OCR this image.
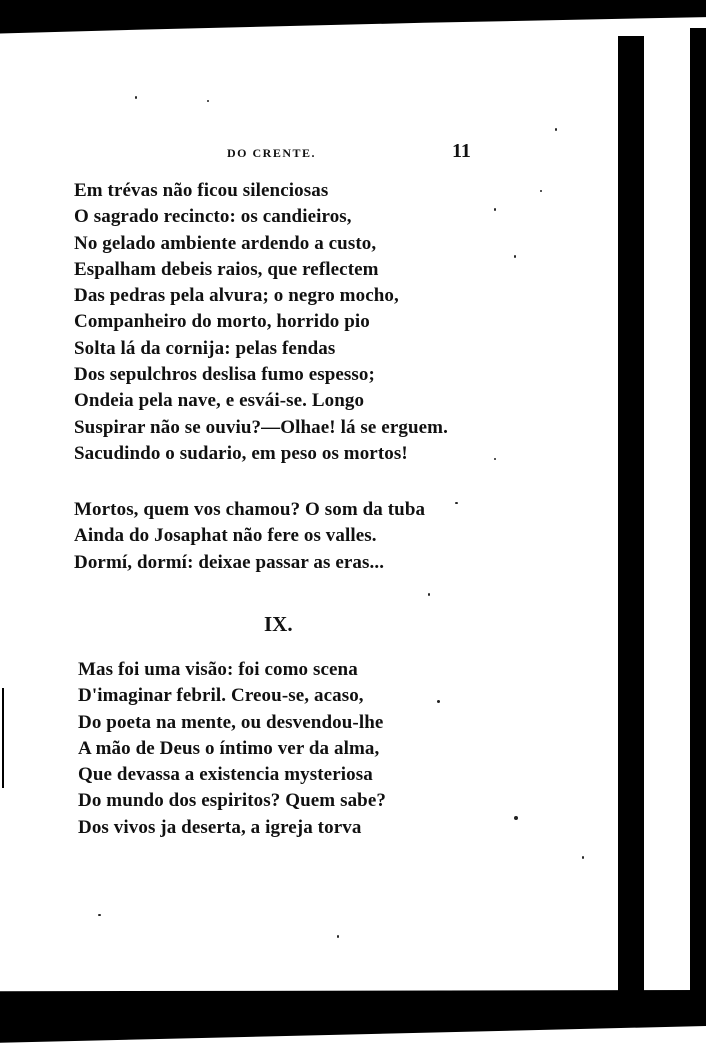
DO CRENTE.	11
Em trévas não ficou silenciosas
O sagrado recincto: os candieiros,
No gelado ambiente ardendo a custo,
Espalham debeis raios, que reflectem
Das pedras pela alvura; o negro mocho,
Companheiro do morto, horrido pio
Solta lá da cornija: pelas fendas
Dos sepulchros deslisa fumo espesso;
Ondeia pela nave, e esvái-se. Longo
Suspirar não se ouviu?—Olhae! lá se erguem.
Sacudindo o sudario, em peso os mortos!
Mortos, quem vos chamou? O som da tuba
Ainda do Josaphat não fere os valles.
Dormí, dormí: deixae passar as eras...
IX.
Mas foi uma visão: foi como scena
D'imaginar febril. Creou-se, acaso,
Do poeta na mente, ou desvendou-lhe
A mão de Deus o íntimo ver da alma,
Que devassa a existencia mysteriosa
Do mundo dos espiritos? Quem sabe?
Dos vivos ja deserta, a igreja torva
